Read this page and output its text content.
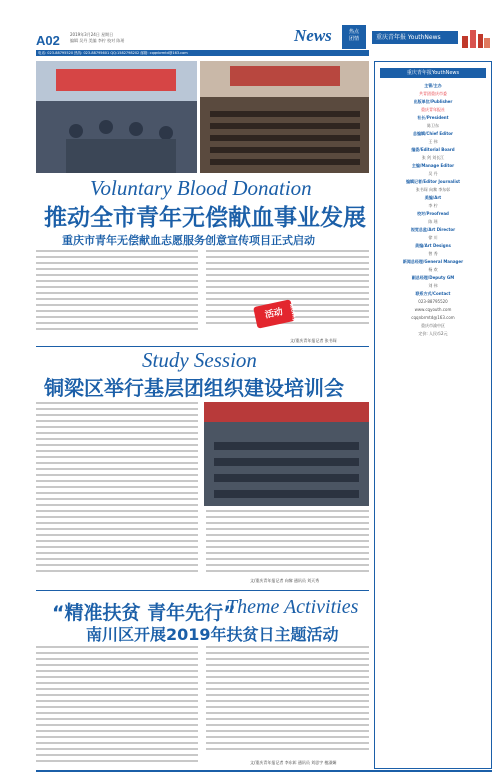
A02	2019年3月24日 星期日
编辑 吴丹 美编 李柠 校对 陈瑶	News	热点
团情	重庆青年报 YouthNews
电话: 023-88795520 热线: 023-88795601 QQ:1582798202 邮箱: cqqnbrmtd@163.com
Voluntary Blood Donation
推动全市青年无偿献血事业发展
重庆市青年无偿献血志愿服务创意宣传项目正式启动
文/重庆青年报记者 张书琛
Activity
活动
Study Session
铜梁区举行基层团组织建设培训会
文/重庆青年报记者 向黎 通讯员 刘天秀
“精准扶贫 青年先行”
Theme Activities
南川区开展2019年扶贫日主题活动
文/重庆青年报记者 李东彰 通讯员 刘思宇 植淑娴
重庆青年报YouthNews
主管/主办
共青团重庆市委
出版单位/Publisher
重庆青年报社
社长/President
陈卫东
总编辑/Chief Editor
王 伟
编委/Editorial Board
张 剑 刘长江
主编/Manage Editor
吴 丹
编辑记者/Editor Journalist
张书琛 向黎 李东彰
美编/Art
李 柠
校对/Proofread
陈 瑶
视觉总监/Art Director
徐 川
美编/Art Designs
曾 秀
新闻总经理/General Manager
杨 欢
副总经理/Deputy GM
刘 伟
联系方式/Contact
023-88795520
www.cqyouth.com
cqqnbrmtd@163.com
重庆市渝中区
定价: 人民币2元
